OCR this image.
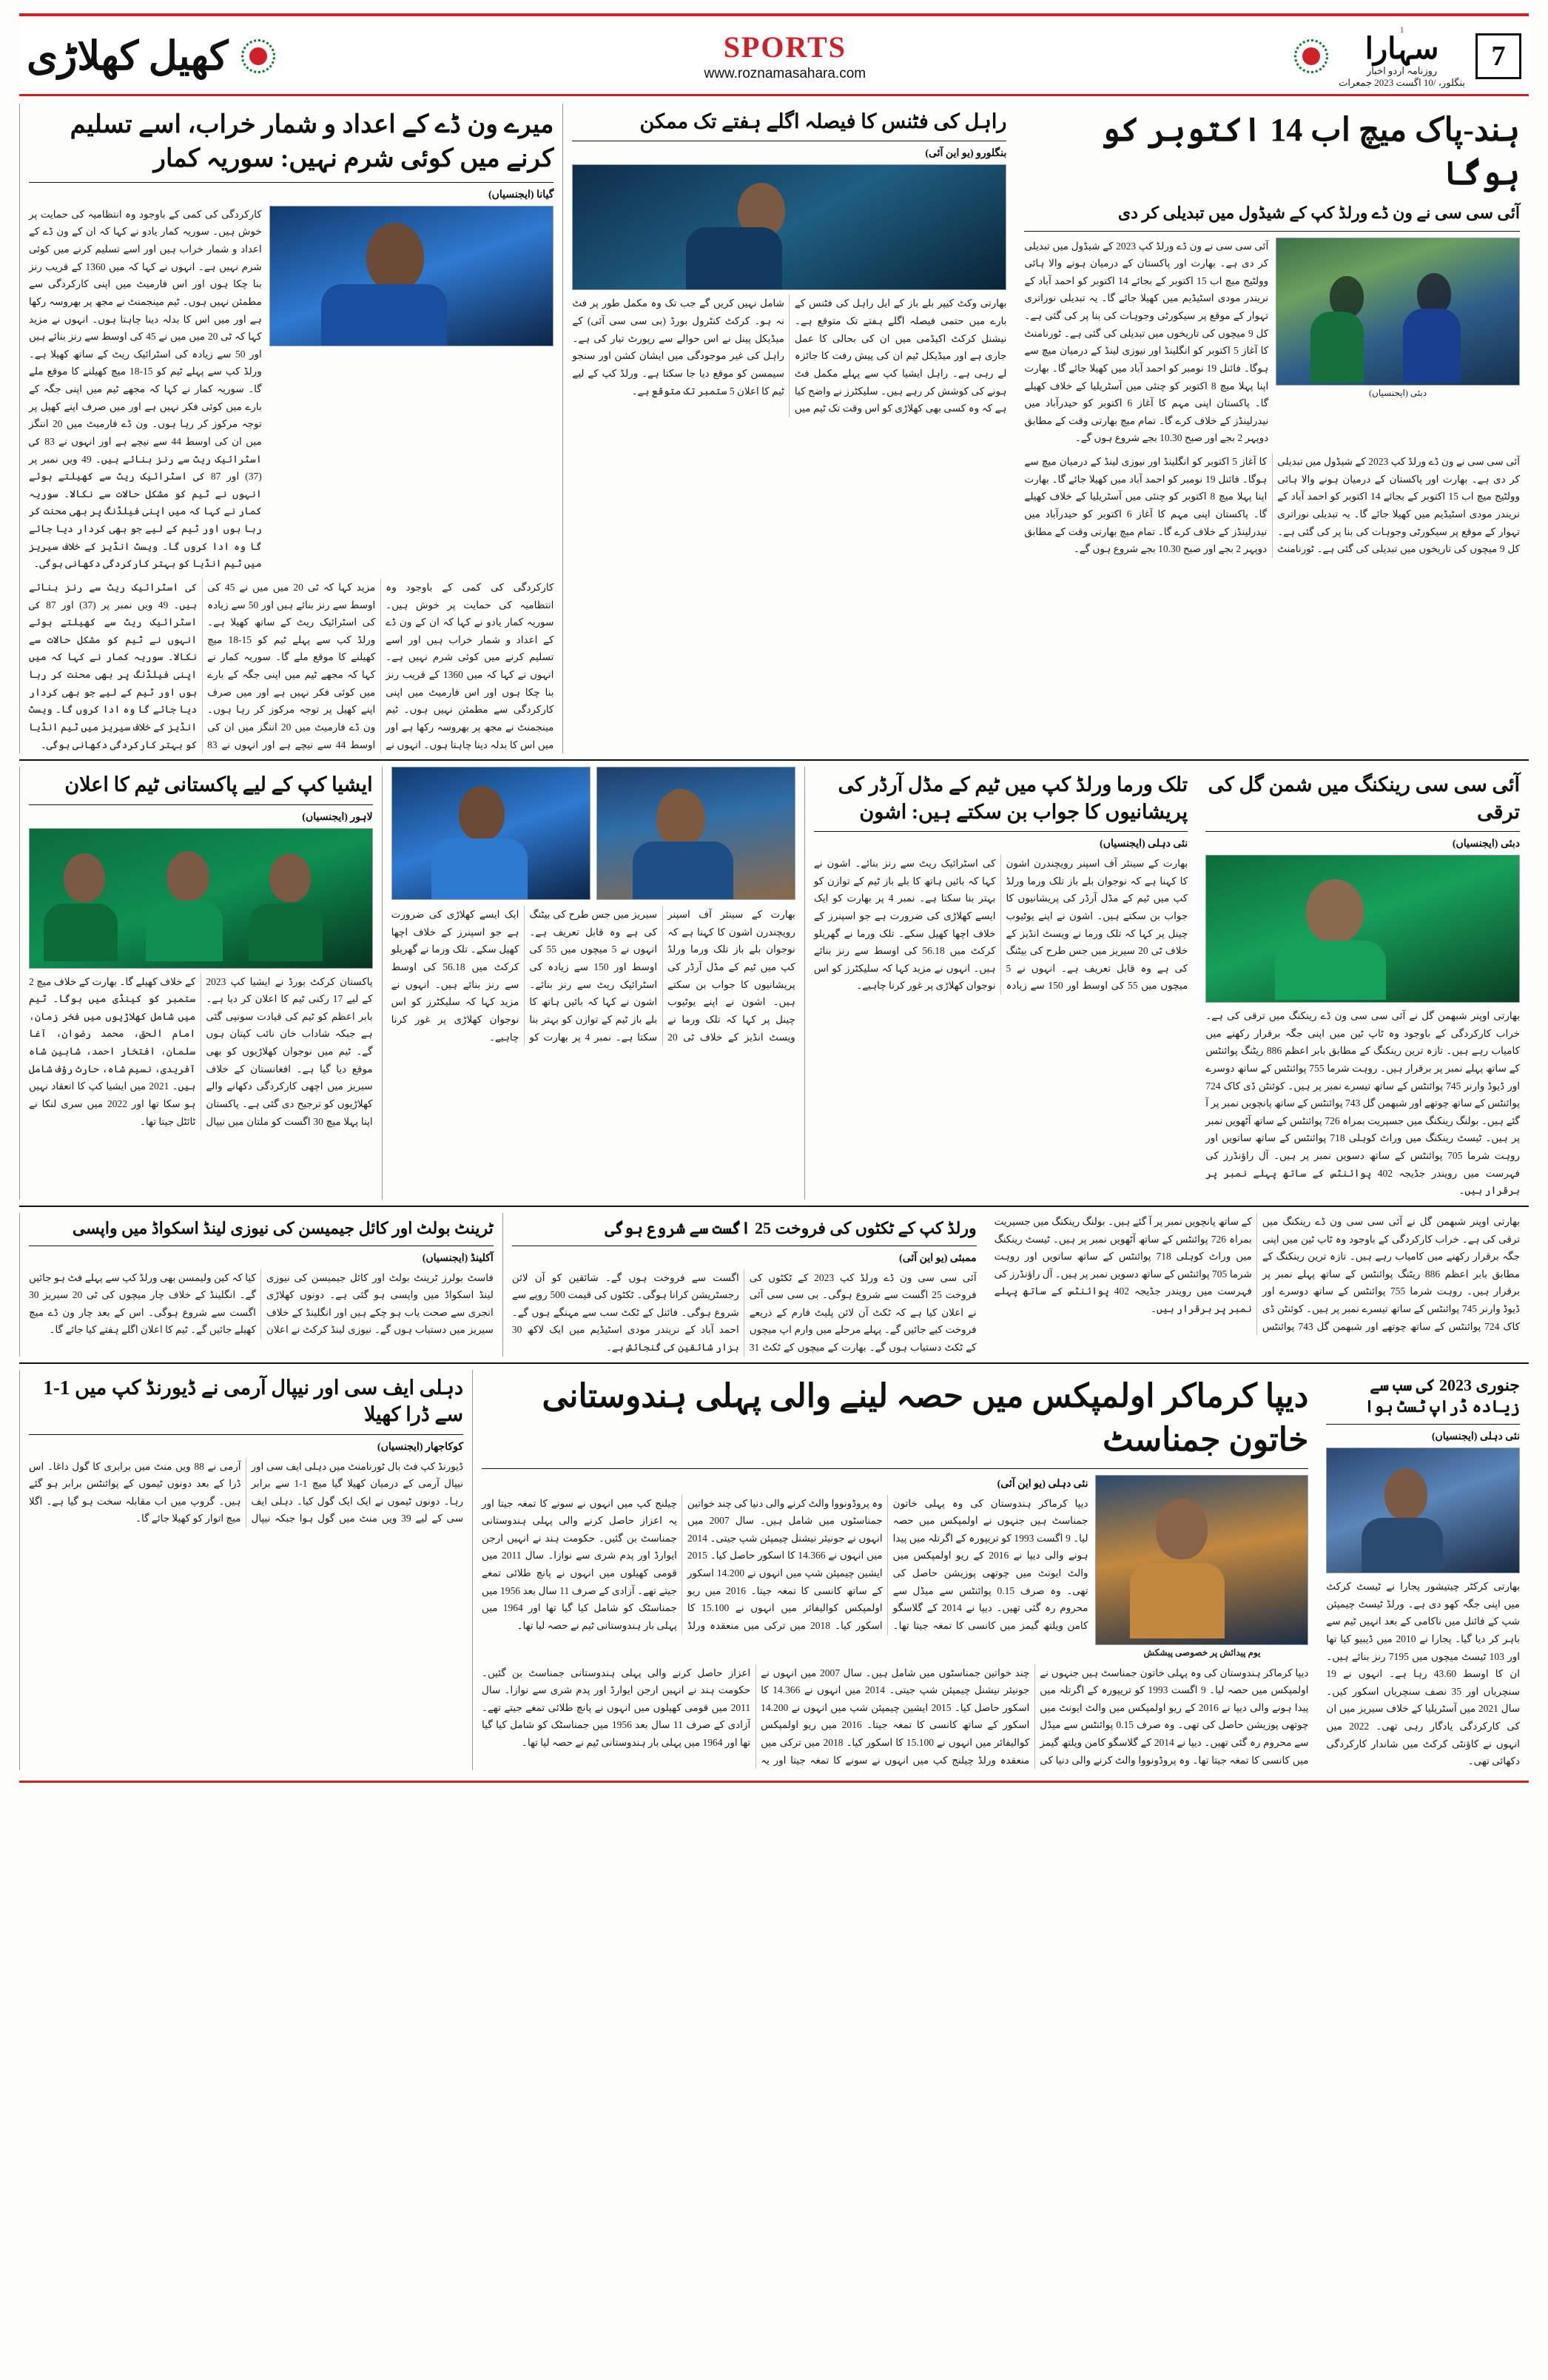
7
1
سہارا
روزنامہ اردو اخبار
بنگلور، /10 اگست 2023 جمعرات
SPORTS
www.roznamasahara.com
کھیل کھلاڑی
ہند-پاک میچ اب 14 اکتوبر کو ہوگا
آئی سی سی نے ون ڈے ورلڈ کپ کے شیڈول میں تبدیلی کر دی
دبئی (ایجنسیاں)
آئی سی سی نے ون ڈے ورلڈ کپ 2023 کے شیڈول میں تبدیلی کر دی ہے۔ بھارت اور پاکستان کے درمیان ہونے والا ہائی وولٹیج میچ اب 15 اکتوبر کے بجائے 14 اکتوبر کو احمد آباد کے نریندر مودی اسٹیڈیم میں کھیلا جائے گا۔ یہ تبدیلی نوراتری تہوار کے موقع پر سیکورٹی وجوہات کی بنا پر کی گئی ہے۔ کل 9 میچوں کی تاریخوں میں تبدیلی کی گئی ہے۔ ٹورنامنٹ کا آغاز 5 اکتوبر کو انگلینڈ اور نیوزی لینڈ کے درمیان میچ سے ہوگا۔ فائنل 19 نومبر کو احمد آباد میں کھیلا جائے گا۔ بھارت اپنا پہلا میچ 8 اکتوبر کو چنئی میں آسٹریلیا کے خلاف کھیلے گا۔ پاکستان اپنی مہم کا آغاز 6 اکتوبر کو حیدرآباد میں نیدرلینڈز کے خلاف کرے گا۔ تمام میچ بھارتی وقت کے مطابق دوپہر 2 بجے اور صبح 10.30 بجے شروع ہوں گے۔
آئی سی سی نے ون ڈے ورلڈ کپ 2023 کے شیڈول میں تبدیلی کر دی ہے۔ بھارت اور پاکستان کے درمیان ہونے والا ہائی وولٹیج میچ اب 15 اکتوبر کے بجائے 14 اکتوبر کو احمد آباد کے نریندر مودی اسٹیڈیم میں کھیلا جائے گا۔ یہ تبدیلی نوراتری تہوار کے موقع پر سیکورٹی وجوہات کی بنا پر کی گئی ہے۔ کل 9 میچوں کی تاریخوں میں تبدیلی کی گئی ہے۔ ٹورنامنٹ کا آغاز 5 اکتوبر کو انگلینڈ اور نیوزی لینڈ کے درمیان میچ سے ہوگا۔ فائنل 19 نومبر کو احمد آباد میں کھیلا جائے گا۔ بھارت اپنا پہلا میچ 8 اکتوبر کو چنئی میں آسٹریلیا کے خلاف کھیلے گا۔ پاکستان اپنی مہم کا آغاز 6 اکتوبر کو حیدرآباد میں نیدرلینڈز کے خلاف کرے گا۔ تمام میچ بھارتی وقت کے مطابق دوپہر 2 بجے اور صبح 10.30 بجے شروع ہوں گے۔
راہل کی فٹنس کا فیصلہ اگلے ہفتے تک ممکن
بنگلورو (یو این آئی)
بھارتی وکٹ کیپر بلے باز کے ایل راہل کی فٹنس کے بارے میں حتمی فیصلہ اگلے ہفتے تک متوقع ہے۔ نیشنل کرکٹ اکیڈمی میں ان کی بحالی کا عمل جاری ہے اور میڈیکل ٹیم ان کی پیش رفت کا جائزہ لے رہی ہے۔ راہل ایشیا کپ سے پہلے مکمل فٹ ہونے کی کوشش کر رہے ہیں۔ سلیکٹرز نے واضح کیا ہے کہ وہ کسی بھی کھلاڑی کو اس وقت تک ٹیم میں شامل نہیں کریں گے جب تک وہ مکمل طور پر فٹ نہ ہو۔ کرکٹ کنٹرول بورڈ (بی سی سی آئی) کے میڈیکل پینل نے اس حوالے سے رپورٹ تیار کی ہے۔ راہل کی غیر موجودگی میں ایشان کشن اور سنجو سیمسن کو موقع دیا جا سکتا ہے۔ ورلڈ کپ کے لیے ٹیم کا اعلان 5 ستمبر تک متوقع ہے۔
میرے ون ڈے کے اعداد و شمار خراب، اسے تسلیم کرنے میں کوئی شرم نہیں: سوریہ کمار
گیانا (ایجنسیاں)
کارکردگی کی کمی کے باوجود وہ انتظامیہ کی حمایت پر خوش ہیں۔ سوریہ کمار یادو نے کہا کہ ان کے ون ڈے کے اعداد و شمار خراب ہیں اور اسے تسلیم کرنے میں کوئی شرم نہیں ہے۔ انہوں نے کہا کہ میں 1360 کے قریب رنز بنا چکا ہوں اور اس فارمیٹ میں اپنی کارکردگی سے مطمئن نہیں ہوں۔ ٹیم مینجمنٹ نے مجھ پر بھروسہ رکھا ہے اور میں اس کا بدلہ دینا چاہتا ہوں۔ انہوں نے مزید کہا کہ ٹی 20 میں میں نے 45 کی اوسط سے رنز بنائے ہیں اور 50 سے زیادہ کی اسٹرائیک ریٹ کے ساتھ کھیلا ہے۔ ورلڈ کپ سے پہلے ٹیم کو 15-18 میچ کھیلنے کا موقع ملے گا۔ سوریہ کمار نے کہا کہ مجھے ٹیم میں اپنی جگہ کے بارے میں کوئی فکر نہیں ہے اور میں صرف اپنے کھیل پر توجہ مرکوز کر رہا ہوں۔ ون ڈے فارمیٹ میں 20 اننگز میں ان کی اوسط 44 سے نیچے ہے اور انہوں نے 83 کی اسٹرائیک ریٹ سے رنز بنائے ہیں۔ 49 ویں نمبر پر (37) اور 87 کی اسٹرائیک ریٹ سے کھیلتے ہوئے انہوں نے ٹیم کو مشکل حالات سے نکالا۔ سوریہ کمار نے کہا کہ میں اپنی فیلڈنگ پر بھی محنت کر رہا ہوں اور ٹیم کے لیے جو بھی کردار دیا جائے گا وہ ادا کروں گا۔ ویسٹ انڈیز کے خلاف سیریز میں ٹیم انڈیا کو بہتر کارکردگی دکھانی ہوگی۔
کارکردگی کی کمی کے باوجود وہ انتظامیہ کی حمایت پر خوش ہیں۔ سوریہ کمار یادو نے کہا کہ ان کے ون ڈے کے اعداد و شمار خراب ہیں اور اسے تسلیم کرنے میں کوئی شرم نہیں ہے۔ انہوں نے کہا کہ میں 1360 کے قریب رنز بنا چکا ہوں اور اس فارمیٹ میں اپنی کارکردگی سے مطمئن نہیں ہوں۔ ٹیم مینجمنٹ نے مجھ پر بھروسہ رکھا ہے اور میں اس کا بدلہ دینا چاہتا ہوں۔ انہوں نے مزید کہا کہ ٹی 20 میں میں نے 45 کی اوسط سے رنز بنائے ہیں اور 50 سے زیادہ کی اسٹرائیک ریٹ کے ساتھ کھیلا ہے۔ ورلڈ کپ سے پہلے ٹیم کو 15-18 میچ کھیلنے کا موقع ملے گا۔ سوریہ کمار نے کہا کہ مجھے ٹیم میں اپنی جگہ کے بارے میں کوئی فکر نہیں ہے اور میں صرف اپنے کھیل پر توجہ مرکوز کر رہا ہوں۔ ون ڈے فارمیٹ میں 20 اننگز میں ان کی اوسط 44 سے نیچے ہے اور انہوں نے 83 کی اسٹرائیک ریٹ سے رنز بنائے ہیں۔ 49 ویں نمبر پر (37) اور 87 کی اسٹرائیک ریٹ سے کھیلتے ہوئے انہوں نے ٹیم کو مشکل حالات سے نکالا۔ سوریہ کمار نے کہا کہ میں اپنی فیلڈنگ پر بھی محنت کر رہا ہوں اور ٹیم کے لیے جو بھی کردار دیا جائے گا وہ ادا کروں گا۔ ویسٹ انڈیز کے خلاف سیریز میں ٹیم انڈیا کو بہتر کارکردگی دکھانی ہوگی۔
آئی سی سی رینکنگ میں شمن گل کی ترقی
دبئی (ایجنسیاں)
بھارتی اوپنر شبھمن گل نے آئی سی سی ون ڈے رینکنگ میں ترقی کی ہے۔ خراب کارکردگی کے باوجود وہ ٹاپ ٹین میں اپنی جگہ برقرار رکھنے میں کامیاب رہے ہیں۔ تازہ ترین رینکنگ کے مطابق بابر اعظم 886 ریٹنگ پوائنٹس کے ساتھ پہلے نمبر پر برقرار ہیں۔ روہت شرما 755 پوائنٹس کے ساتھ دوسرے اور ڈیوڈ وارنر 745 پوائنٹس کے ساتھ تیسرے نمبر پر ہیں۔ کوئنٹن ڈی کاک 724 پوائنٹس کے ساتھ چوتھے اور شبھمن گل 743 پوائنٹس کے ساتھ پانچویں نمبر پر آ گئے ہیں۔ بولنگ رینکنگ میں جسپریت بمراہ 726 پوائنٹس کے ساتھ آٹھویں نمبر پر ہیں۔ ٹیسٹ رینکنگ میں وراٹ کوہلی 718 پوائنٹس کے ساتھ ساتویں اور روہت شرما 705 پوائنٹس کے ساتھ دسویں نمبر پر ہیں۔ آل راؤنڈرز کی فہرست میں رویندر جڈیجہ 402 پوائنٹس کے ساتھ پہلے نمبر پر برقرار ہیں۔
تلک ورما ورلڈ کپ میں ٹیم کے مڈل آرڈر کی پریشانیوں کا جواب بن سکتے ہیں: اشون
نئی دہلی (ایجنسیاں)
بھارت کے سینئر آف اسپنر رویچندرن اشون کا کہنا ہے کہ نوجوان بلے باز تلک ورما ورلڈ کپ میں ٹیم کے مڈل آرڈر کی پریشانیوں کا جواب بن سکتے ہیں۔ اشون نے اپنے یوٹیوب چینل پر کہا کہ تلک ورما نے ویسٹ انڈیز کے خلاف ٹی 20 سیریز میں جس طرح کی بیٹنگ کی ہے وہ قابل تعریف ہے۔ انہوں نے 5 میچوں میں 55 کی اوسط اور 150 سے زیادہ کی اسٹرائیک ریٹ سے رنز بنائے۔ اشون نے کہا کہ بائیں ہاتھ کا بلے باز ٹیم کے توازن کو بہتر بنا سکتا ہے۔ نمبر 4 پر بھارت کو ایک ایسے کھلاڑی کی ضرورت ہے جو اسپنرز کے خلاف اچھا کھیل سکے۔ تلک ورما نے گھریلو کرکٹ میں 56.18 کی اوسط سے رنز بنائے ہیں۔ انہوں نے مزید کہا کہ سلیکٹرز کو اس نوجوان کھلاڑی پر غور کرنا چاہیے۔
بھارت کے سینئر آف اسپنر رویچندرن اشون کا کہنا ہے کہ نوجوان بلے باز تلک ورما ورلڈ کپ میں ٹیم کے مڈل آرڈر کی پریشانیوں کا جواب بن سکتے ہیں۔ اشون نے اپنے یوٹیوب چینل پر کہا کہ تلک ورما نے ویسٹ انڈیز کے خلاف ٹی 20 سیریز میں جس طرح کی بیٹنگ کی ہے وہ قابل تعریف ہے۔ انہوں نے 5 میچوں میں 55 کی اوسط اور 150 سے زیادہ کی اسٹرائیک ریٹ سے رنز بنائے۔ اشون نے کہا کہ بائیں ہاتھ کا بلے باز ٹیم کے توازن کو بہتر بنا سکتا ہے۔ نمبر 4 پر بھارت کو ایک ایسے کھلاڑی کی ضرورت ہے جو اسپنرز کے خلاف اچھا کھیل سکے۔ تلک ورما نے گھریلو کرکٹ میں 56.18 کی اوسط سے رنز بنائے ہیں۔ انہوں نے مزید کہا کہ سلیکٹرز کو اس نوجوان کھلاڑی پر غور کرنا چاہیے۔
ایشیا کپ کے لیے پاکستانی ٹیم کا اعلان
لاہور (ایجنسیاں)
پاکستان کرکٹ بورڈ نے ایشیا کپ 2023 کے لیے 17 رکنی ٹیم کا اعلان کر دیا ہے۔ بابر اعظم کو ٹیم کی قیادت سونپی گئی ہے جبکہ شاداب خان نائب کپتان ہوں گے۔ ٹیم میں نوجوان کھلاڑیوں کو بھی موقع دیا گیا ہے۔ افغانستان کے خلاف سیریز میں اچھی کارکردگی دکھانے والے کھلاڑیوں کو ترجیح دی گئی ہے۔ پاکستان اپنا پہلا میچ 30 اگست کو ملتان میں نیپال کے خلاف کھیلے گا۔ بھارت کے خلاف میچ 2 ستمبر کو کینڈی میں ہوگا۔ ٹیم میں شامل کھلاڑیوں میں فخر زمان، امام الحق، محمد رضوان، آغا سلمان، افتخار احمد، شاہین شاہ آفریدی، نسیم شاہ، حارث رؤف شامل ہیں۔ 2021 میں ایشیا کپ کا انعقاد نہیں ہو سکا تھا اور 2022 میں سری لنکا نے ٹائٹل جیتا تھا۔
بھارتی اوپنر شبھمن گل نے آئی سی سی ون ڈے رینکنگ میں ترقی کی ہے۔ خراب کارکردگی کے باوجود وہ ٹاپ ٹین میں اپنی جگہ برقرار رکھنے میں کامیاب رہے ہیں۔ تازہ ترین رینکنگ کے مطابق بابر اعظم 886 ریٹنگ پوائنٹس کے ساتھ پہلے نمبر پر برقرار ہیں۔ روہت شرما 755 پوائنٹس کے ساتھ دوسرے اور ڈیوڈ وارنر 745 پوائنٹس کے ساتھ تیسرے نمبر پر ہیں۔ کوئنٹن ڈی کاک 724 پوائنٹس کے ساتھ چوتھے اور شبھمن گل 743 پوائنٹس کے ساتھ پانچویں نمبر پر آ گئے ہیں۔ بولنگ رینکنگ میں جسپریت بمراہ 726 پوائنٹس کے ساتھ آٹھویں نمبر پر ہیں۔ ٹیسٹ رینکنگ میں وراٹ کوہلی 718 پوائنٹس کے ساتھ ساتویں اور روہت شرما 705 پوائنٹس کے ساتھ دسویں نمبر پر ہیں۔ آل راؤنڈرز کی فہرست میں رویندر جڈیجہ 402 پوائنٹس کے ساتھ پہلے نمبر پر برقرار ہیں۔
ورلڈ کپ کے ٹکٹوں کی فروخت 25 اگست سے شروع ہوگی
ممبئی (یو این آئی)
آئی سی سی ون ڈے ورلڈ کپ 2023 کے ٹکٹوں کی فروخت 25 اگست سے شروع ہوگی۔ بی سی سی آئی نے اعلان کیا ہے کہ ٹکٹ آن لائن پلیٹ فارم کے ذریعے فروخت کیے جائیں گے۔ پہلے مرحلے میں وارم اپ میچوں کے ٹکٹ دستیاب ہوں گے۔ بھارت کے میچوں کے ٹکٹ 31 اگست سے فروخت ہوں گے۔ شائقین کو آن لائن رجسٹریشن کرانا ہوگی۔ ٹکٹوں کی قیمت 500 روپے سے شروع ہوگی۔ فائنل کے ٹکٹ سب سے مہنگے ہوں گے۔ احمد آباد کے نریندر مودی اسٹیڈیم میں ایک لاکھ 30 ہزار شائقین کی گنجائش ہے۔
ٹرینٹ بولٹ اور کائل جیمیسن کی نیوزی لینڈ اسکواڈ میں واپسی
آکلینڈ (ایجنسیاں)
فاسٹ بولرز ٹرینٹ بولٹ اور کائل جیمیسن کی نیوزی لینڈ اسکواڈ میں واپسی ہو گئی ہے۔ دونوں کھلاڑی انجری سے صحت یاب ہو چکے ہیں اور انگلینڈ کے خلاف سیریز میں دستیاب ہوں گے۔ نیوزی لینڈ کرکٹ نے اعلان کیا کہ کین ولیمسن بھی ورلڈ کپ سے پہلے فٹ ہو جائیں گے۔ انگلینڈ کے خلاف چار میچوں کی ٹی 20 سیریز 30 اگست سے شروع ہوگی۔ اس کے بعد چار ون ڈے میچ کھیلے جائیں گے۔ ٹیم کا اعلان اگلے ہفتے کیا جائے گا۔
جنوری 2023 کی سب سے زیادہ ڈراپ ٹسٹ ہوا
نئی دہلی (ایجنسیاں)
بھارتی کرکٹر چیتیشور پجارا نے ٹیسٹ کرکٹ میں اپنی جگہ کھو دی ہے۔ ورلڈ ٹیسٹ چیمپئن شپ کے فائنل میں ناکامی کے بعد انہیں ٹیم سے باہر کر دیا گیا۔ پجارا نے 2010 میں ڈیبیو کیا تھا اور 103 ٹیسٹ میچوں میں 7195 رنز بنائے ہیں۔ ان کا اوسط 43.60 رہا ہے۔ انہوں نے 19 سنچریاں اور 35 نصف سنچریاں اسکور کیں۔ سال 2021 میں آسٹریلیا کے خلاف سیریز میں ان کی کارکردگی یادگار رہی تھی۔ 2022 میں انہوں نے کاؤنٹی کرکٹ میں شاندار کارکردگی دکھائی تھی۔
دیپا کرماکر اولمپکس میں حصہ لینے والی پہلی ہندوستانی خاتون جمناسٹ
یوم پیدائش پر خصوصی پیشکش
نئی دہلی (یو این آئی)
دیپا کرماکر ہندوستان کی وہ پہلی خاتون جمناسٹ ہیں جنہوں نے اولمپکس میں حصہ لیا۔ 9 اگست 1993 کو تریپورہ کے اگرتلہ میں پیدا ہونے والی دیپا نے 2016 کے ریو اولمپکس میں والٹ ایونٹ میں چوتھی پوزیشن حاصل کی تھی۔ وہ صرف 0.15 پوائنٹس سے میڈل سے محروم رہ گئی تھیں۔ دیپا نے 2014 کے گلاسگو کامن ویلتھ گیمز میں کانسی کا تمغہ جیتا تھا۔ وہ پروڈونووا والٹ کرنے والی دنیا کی چند خواتین جمناسٹوں میں شامل ہیں۔ سال 2007 میں انہوں نے جونیئر نیشنل چیمپئن شپ جیتی۔ 2014 میں انہوں نے 14.366 کا اسکور حاصل کیا۔ 2015 ایشین چیمپئن شپ میں انہوں نے 14.200 اسکور کے ساتھ کانسی کا تمغہ جیتا۔ 2016 میں ریو اولمپکس کوالیفائر میں انہوں نے 15.100 کا اسکور کیا۔ 2018 میں ترکی میں منعقدہ ورلڈ چیلنج کپ میں انہوں نے سونے کا تمغہ جیتا اور یہ اعزاز حاصل کرنے والی پہلی ہندوستانی جمناسٹ بن گئیں۔ حکومت ہند نے انہیں ارجن ایوارڈ اور پدم شری سے نوازا۔ سال 2011 میں قومی کھیلوں میں انہوں نے پانچ طلائی تمغے جیتے تھے۔ آزادی کے صرف 11 سال بعد 1956 میں جمناسٹک کو شامل کیا گیا تھا اور 1964 میں پہلی بار ہندوستانی ٹیم نے حصہ لیا تھا۔
دیپا کرماکر ہندوستان کی وہ پہلی خاتون جمناسٹ ہیں جنہوں نے اولمپکس میں حصہ لیا۔ 9 اگست 1993 کو تریپورہ کے اگرتلہ میں پیدا ہونے والی دیپا نے 2016 کے ریو اولمپکس میں والٹ ایونٹ میں چوتھی پوزیشن حاصل کی تھی۔ وہ صرف 0.15 پوائنٹس سے میڈل سے محروم رہ گئی تھیں۔ دیپا نے 2014 کے گلاسگو کامن ویلتھ گیمز میں کانسی کا تمغہ جیتا تھا۔ وہ پروڈونووا والٹ کرنے والی دنیا کی چند خواتین جمناسٹوں میں شامل ہیں۔ سال 2007 میں انہوں نے جونیئر نیشنل چیمپئن شپ جیتی۔ 2014 میں انہوں نے 14.366 کا اسکور حاصل کیا۔ 2015 ایشین چیمپئن شپ میں انہوں نے 14.200 اسکور کے ساتھ کانسی کا تمغہ جیتا۔ 2016 میں ریو اولمپکس کوالیفائر میں انہوں نے 15.100 کا اسکور کیا۔ 2018 میں ترکی میں منعقدہ ورلڈ چیلنج کپ میں انہوں نے سونے کا تمغہ جیتا اور یہ اعزاز حاصل کرنے والی پہلی ہندوستانی جمناسٹ بن گئیں۔ حکومت ہند نے انہیں ارجن ایوارڈ اور پدم شری سے نوازا۔ سال 2011 میں قومی کھیلوں میں انہوں نے پانچ طلائی تمغے جیتے تھے۔ آزادی کے صرف 11 سال بعد 1956 میں جمناسٹک کو شامل کیا گیا تھا اور 1964 میں پہلی بار ہندوستانی ٹیم نے حصہ لیا تھا۔
دہلی ایف سی اور نیپال آرمی نے ڈیورنڈ کپ میں 1-1 سے ڈرا کھیلا
کوکاجھار (ایجنسیاں)
ڈیورنڈ کپ فٹ بال ٹورنامنٹ میں دہلی ایف سی اور نیپال آرمی کے درمیان کھیلا گیا میچ 1-1 سے برابر رہا۔ دونوں ٹیموں نے ایک ایک گول کیا۔ دہلی ایف سی کے لیے 39 ویں منٹ میں گول ہوا جبکہ نیپال آرمی نے 88 ویں منٹ میں برابری کا گول داغا۔ اس ڈرا کے بعد دونوں ٹیموں کے پوائنٹس برابر ہو گئے ہیں۔ گروپ میں اب مقابلہ سخت ہو گیا ہے۔ اگلا میچ اتوار کو کھیلا جائے گا۔
